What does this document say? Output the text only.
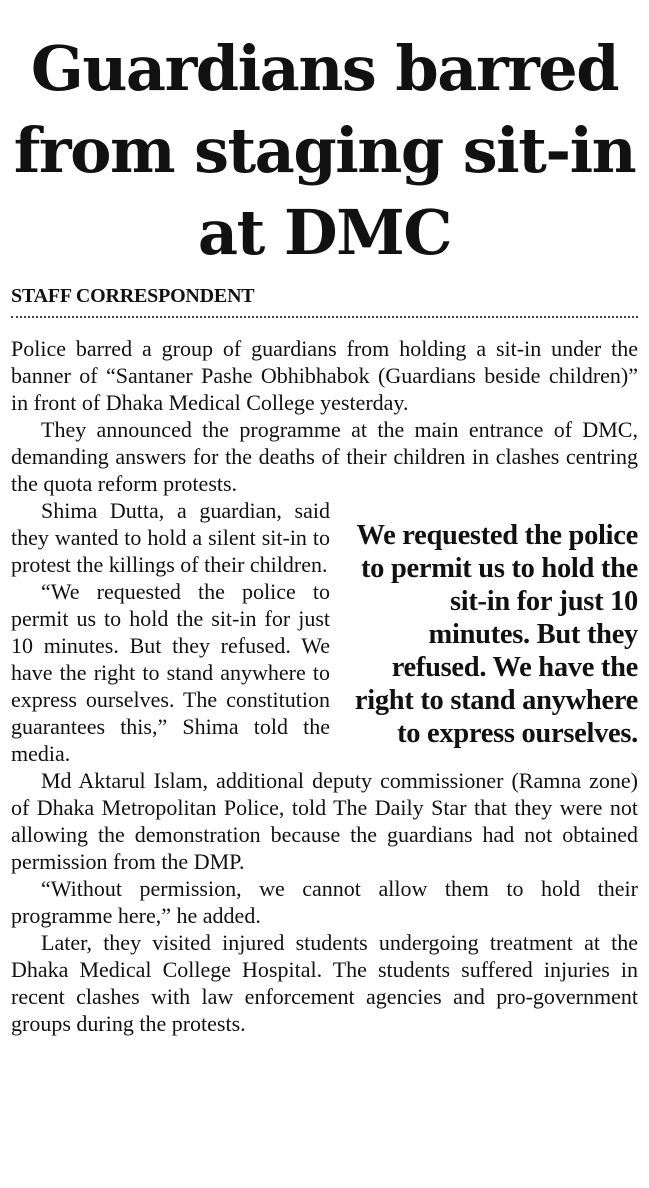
Guardians barred from staging sit-in at DMC
STAFF CORRESPONDENT

Police barred a group of guardians from holding a sit-in under the banner of “Santaner Pashe Obhibhabok (Guardians beside children)” in front of Dhaka Medical College yesterday.

They announced the programme at the main entrance of DMC, demanding answers for the deaths of their children in clashes centring the quota reform protests.

We requested the police to permit us to hold the sit-in for just 10 minutes. But they refused. We have the right to stand anywhere to express ourselves.

Shima Dutta, a guardian, said they wanted to hold a silent sit-in to protest the killings of their children.

“We requested the police to permit us to hold the sit-in for just 10 minutes. But they refused. We have the right to stand anywhere to express ourselves. The constitution guarantees this,” Shima told the media.

Md Aktarul Islam, additional deputy commissioner (Ramna zone) of Dhaka Metropolitan Police, told The Daily Star that they were not allowing the demonstration because the guardians had not obtained permission from the DMP.

“Without permission, we cannot allow them to hold their programme here,” he added.

Later, they visited injured students undergoing treatment at the Dhaka Medical College Hospital. The students suffered injuries in recent clashes with law enforcement agencies and pro-government groups during the protests.
